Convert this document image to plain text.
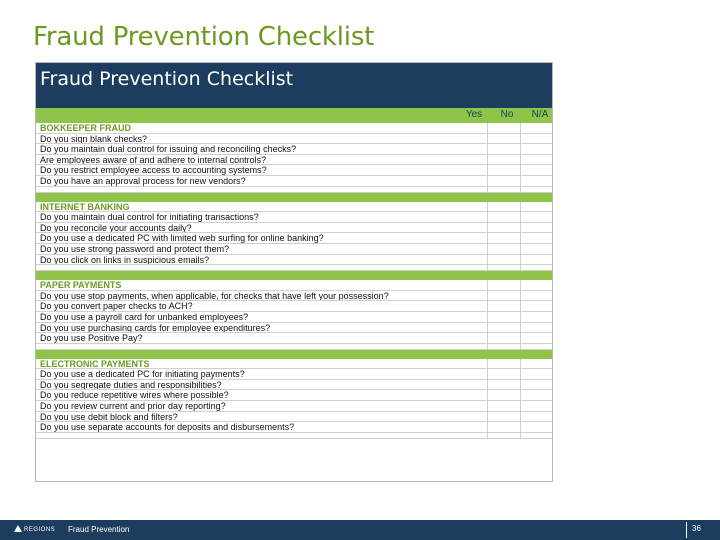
Fraud Prevention Checklist
Fraud Prevention Checklist
Yes	No	N/A
BOKKEEPER FRAUD
Do you sign blank checks?
Do you maintain dual control for issuing and reconciling checks?
Are employees aware of and adhere to internal controls?
Do you restrict employee access to accounting systems?
Do you have an approval process for new vendors?
INTERNET BANKING
Do you maintain dual control for initiating transactions?
Do you reconcile your accounts daily?
Do you use a dedicated PC with limited web surfing for online banking?
Do you use strong password and protect them?
Do you click on links in suspicious emails?
PAPER PAYMENTS
Do you use stop payments, when applicable, for checks that have left your possession?
Do you convert paper checks to ACH?
Do you use a payroll card for unbanked employees?
Do you use purchasing cards for employee expenditures?
Do you use Positive Pay?
ELECTRONIC PAYMENTS
Do you use a dedicated PC for initiating payments?
Do you segregate duties and responsibilities?
Do you reduce repetitive wires where possible?
Do you review current and prior day reporting?
Do you use debit block and filters?
Do you use separate accounts for deposits and disbursements?
REGIONS Fraud Prevention	36
